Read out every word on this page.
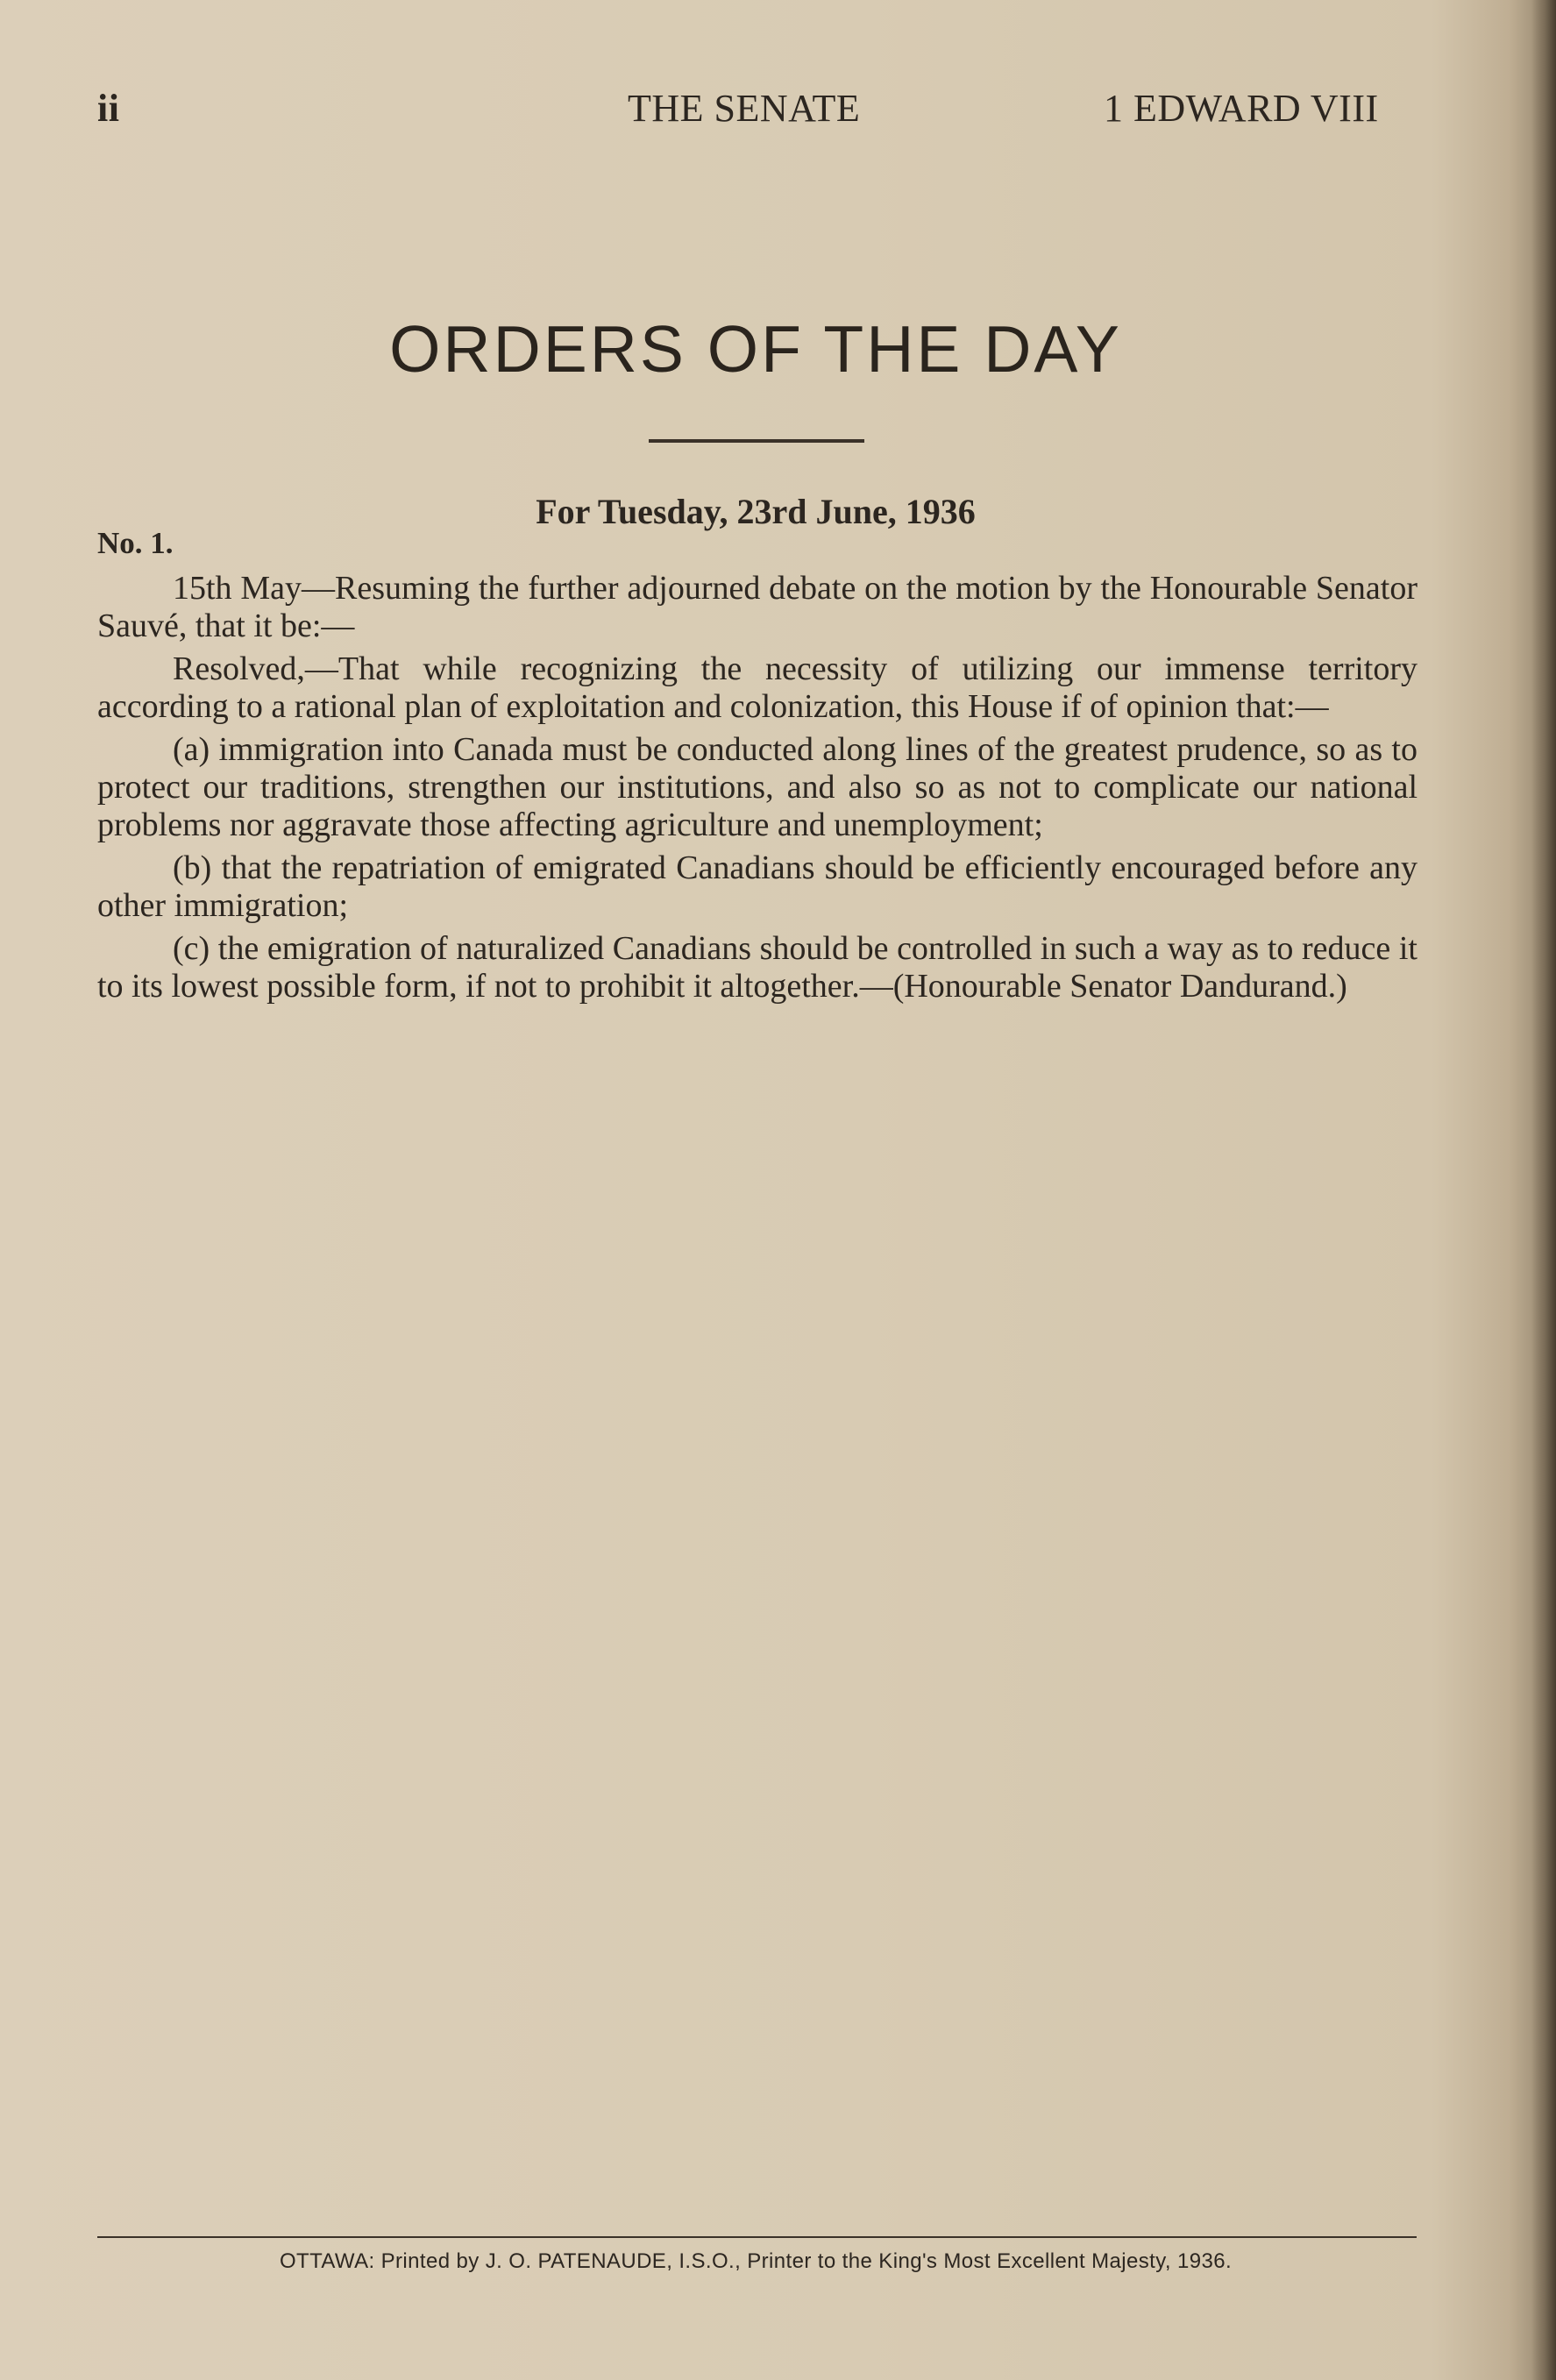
ii	THE SENATE	1 EDWARD VIII
ORDERS OF THE DAY
For Tuesday, 23rd June, 1936
No. 1.

15th May—Resuming the further adjourned debate on the motion by the Honourable Senator Sauvé, that it be:—

Resolved,—That while recognizing the necessity of utilizing our immense territory according to a rational plan of exploitation and colonization, this House if of opinion that:—

(a) immigration into Canada must be conducted along lines of the greatest prudence, so as to protect our traditions, strengthen our institutions, and also so as not to complicate our national problems nor aggravate those affecting agriculture and unemployment;

(b) that the repatriation of emigrated Canadians should be efficiently encouraged before any other immigration;

(c) the emigration of naturalized Canadians should be controlled in such a way as to reduce it to its lowest possible form, if not to prohibit it altogether.—(Honourable Senator Dandurand.)

OTTAWA: Printed by J. O. PATENAUDE, I.S.O., Printer to the King's Most Excellent Majesty, 1936.
